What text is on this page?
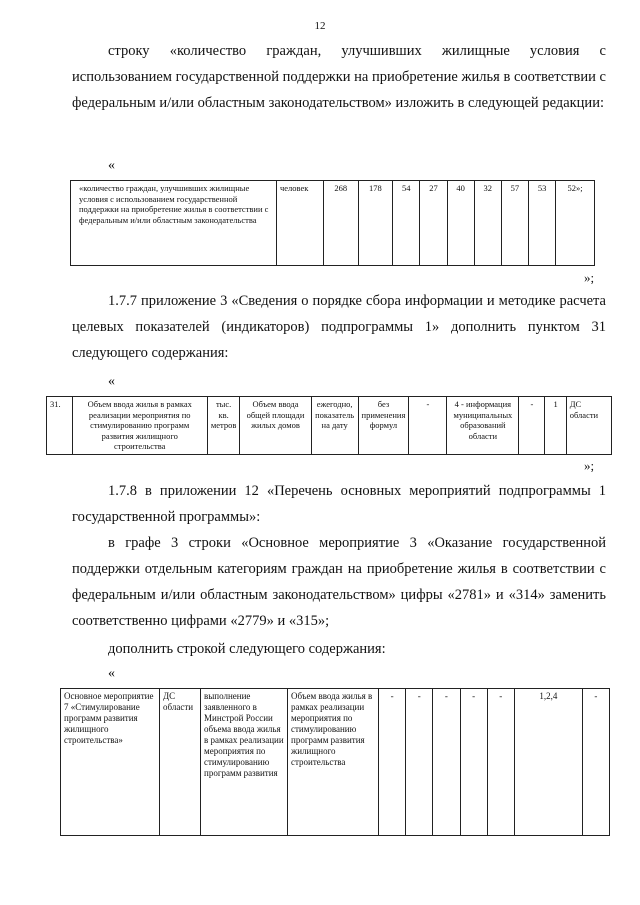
12

строку «количество граждан, улучшивших жилищные условия с использованием государственной поддержки на приобретение жилья в соответствии с федеральным и/или областным законодательством» изложить в следующей редакции:

«
«количество граждан, улучшивших жилищные условия с использованием государственной поддержки на приобретение жилья в соответствии с федеральным и/или областным законодательства	человек	268	178	54	27	40	32	57	53	52»;
»;

1.7.7 приложение 3 «Сведения о порядке сбора информации и методике расчета целевых показателей (индикаторов) подпрограммы 1» дополнить пунктом 31 следующего содержания:

«
31.	Объем ввода жилья в рамках реализации мероприятия по стимулированию программ развития жилищного строительства	тыс. кв. метров	Объем ввода общей площади жилых домов	ежегодно, показатель на дату	без применения формул	-	4 - информация муниципальных образований области	-	1	ДС области
»;

1.7.8 в приложении 12 «Перечень основных мероприятий подпрограммы 1 государственной программы»:

в графе 3 строки «Основное мероприятие 3 «Оказание государственной поддержки отдельным категориям граждан на приобретение жилья в соответствии с федеральным и/или областным законодательством» цифры «2781» и «314» заменить соответственно цифрами «2779» и «315»;

дополнить строкой следующего содержания:

«
Основное мероприятие 7 «Стимулирование программ развития жилищного строительства»	ДС области	выполнение заявленного в Минстрой России объема ввода жилья в рамках реализации мероприятия по стимулированию программ развития	Объем ввода жилья в рамках реализации мероприятия по стимулированию программ развития жилищного строительства	-	-	-	-	-	1,2,4	-
